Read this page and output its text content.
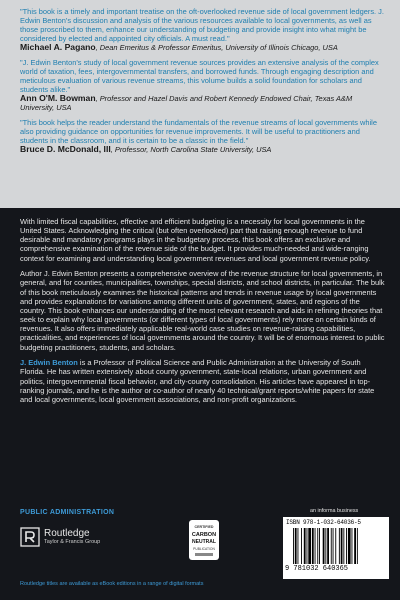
"This book is a timely and important treatise on the oft-overlooked revenue side of local government ledgers. J. Edwin Benton's discussion and analysis of the various resources available to local governments, as well as those proscribed to them, enhance our understanding of budgeting and provide insight into what might be considered by elected and appointed city officials. A must read."

Michael A. Pagano, Dean Emeritus & Professor Emeritus, University of Illinois Chicago, USA

"J. Edwin Benton's study of local government revenue sources provides an extensive analysis of the complex world of taxation, fees, intergovernmental transfers, and borrowed funds. Through engaging description and meticulous evaluation of various revenue streams, this volume builds a solid foundation for scholars and students alike."

Ann O'M. Bowman, Professor and Hazel Davis and Robert Kennedy Endowed Chair, Texas A&M University, USA

"This book helps the reader understand the fundamentals of the revenue streams of local governments while also providing guidance on opportunities for revenue improvements. It will be useful to practitioners and students in the classroom, and it is certain to be a classic in the field."

Bruce D. McDonald, III, Professor, North Carolina State University, USA

With limited fiscal capabilities, effective and efficient budgeting is a necessity for local governments in the United States. Acknowledging the critical (but often overlooked) part that raising enough revenue to fund desirable and mandatory programs plays in the budgetary process, this book offers an exclusive and comprehensive examination of the revenue side of the budget. It provides much-needed and wide-ranging context for examining and understanding local government revenues and local government revenue policy.

Author J. Edwin Benton presents a comprehensive overview of the revenue structure for local governments, in general, and for counties, municipalities, townships, special districts, and school districts, in particular. The bulk of this book meticulously examines the historical patterns and trends in revenue usage by local governments and provides explanations for variations among different units of government, states, and regions of the country. This book enhances our understanding of the most relevant research and aids in refining theories that seek to explain why local governments (or different types of local governments) rely more on certain kinds of revenues. It also offers immediately applicable real-world case studies on revenue-raising capabilities, practicalities, and experiences of local governments around the country. It will be of enormous interest to public budgeting practitioners, students, and scholars.

J. Edwin Benton is a Professor of Political Science and Public Administration at the University of South Florida. He has written extensively about county government, state-local relations, urban government and politics, intergovernmental fiscal behavior, and city-county consolidation. His articles have appeared in top-ranking journals, and he is the author or co-author of nearly 40 technical/grant reports/white papers for state and local governments, local government associations, and non-profit organizations.

PUBLIC ADMINISTRATION	an informa business
Routledge
Taylor & Francis Group
CERTIFIED
CARBON
NEUTRAL
PUBLICATION
ISBN 978-1-032-64036-5
9 781032 640365
Routledge titles are available as eBook editions in a range of digital formats
